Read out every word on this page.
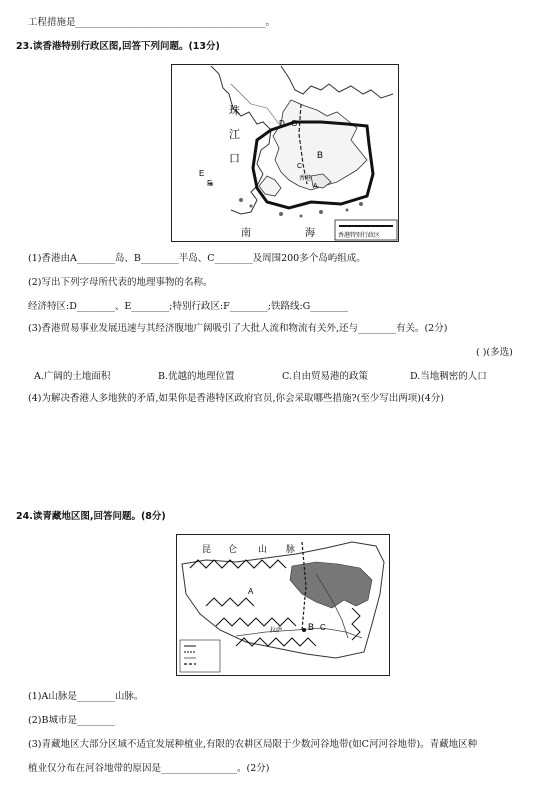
工程措施是________________________________________。
23.读香港特别行政区图,回答下列问题。(13分)
珠
江
口
南	海
A
B
C
D
E
F
G
香港
香港特别行政区
(1)香港由A________岛、B________半岛、C________及周围200多个岛屿组成。
(2)写出下列字母所代表的地理事物的名称。
经济特区:D________、E________;特别行政区:F________;铁路线:G________
(3)香港贸易事业发展迅速与其经济腹地广阔吸引了大批人流和物流有关外,还与________有关。(2分)
( )(多选)
A.广阔的土地面积	B.优越的地理位置	C.自由贸易港的政策	D.当地稠密的人口
(4)为解决香港人多地狭的矛盾,如果你是香港特区政府官员,你会采取哪些措施?(至少写出两项)(4分)
24.读青藏地区图,回答问题。(8分)
昆 仑 山 脉
拉萨	B C
A
(1)A山脉是________山脉。
(2)B城市是________
(3)青藏地区大部分区域不适宜发展种植业,有限的农耕区局限于少数河谷地带(如C河河谷地带)。青藏地区种
植业仅分布在河谷地带的原因是________________。(2分)
